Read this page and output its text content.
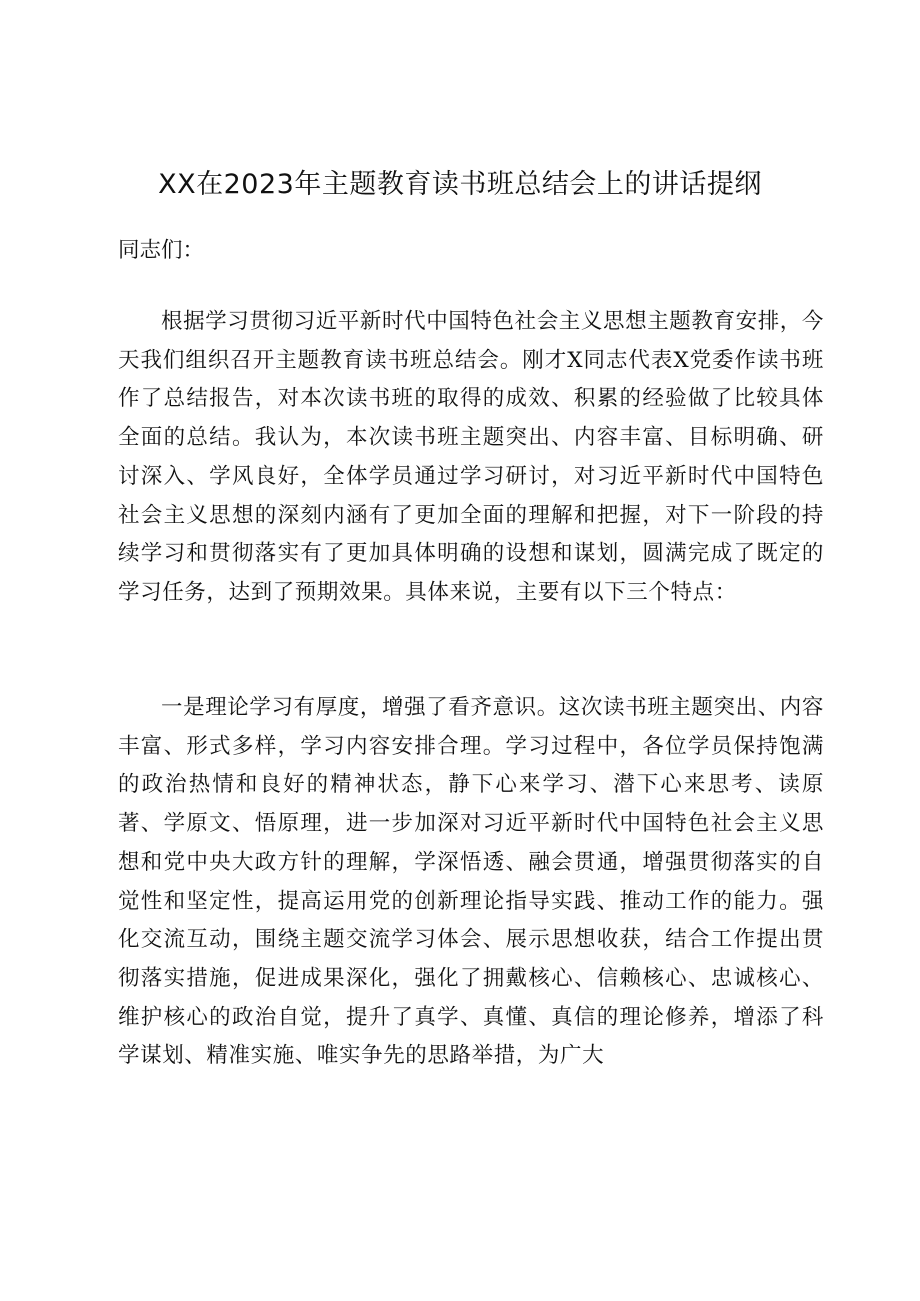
XX在2023年主题教育读书班总结会上的讲话提纲

同志们：

根据学习贯彻习近平新时代中国特色社会主义思想主题教育安排，今天我们组织召开主题教育读书班总结会。刚才X同志代表X党委作读书班作了总结报告，对本次读书班的取得的成效、积累的经验做了比较具体全面的总结。我认为，本次读书班主题突出、内容丰富、目标明确、研讨深入、学风良好，全体学员通过学习研讨，对习近平新时代中国特色社会主义思想的深刻内涵有了更加全面的理解和把握，对下一阶段的持续学习和贯彻落实有了更加具体明确的设想和谋划，圆满完成了既定的学习任务，达到了预期效果。具体来说，主要有以下三个特点：

一是理论学习有厚度，增强了看齐意识。这次读书班主题突出、内容丰富、形式多样，学习内容安排合理。学习过程中，各位学员保持饱满的政治热情和良好的精神状态，静下心来学习、潜下心来思考、读原著、学原文、悟原理，进一步加深对习近平新时代中国特色社会主义思想和党中央大政方针的理解，学深悟透、融会贯通，增强贯彻落实的自觉性和坚定性，提高运用党的创新理论指导实践、推动工作的能力。强化交流互动，围绕主题交流学习体会、展示思想收获，结合工作提出贯彻落实措施，促进成果深化，强化了拥戴核心、信赖核心、忠诚核心、维护核心的政治自觉，提升了真学、真懂、真信的理论修养，增添了科学谋划、精准实施、唯实争先的思路举措，为广大
